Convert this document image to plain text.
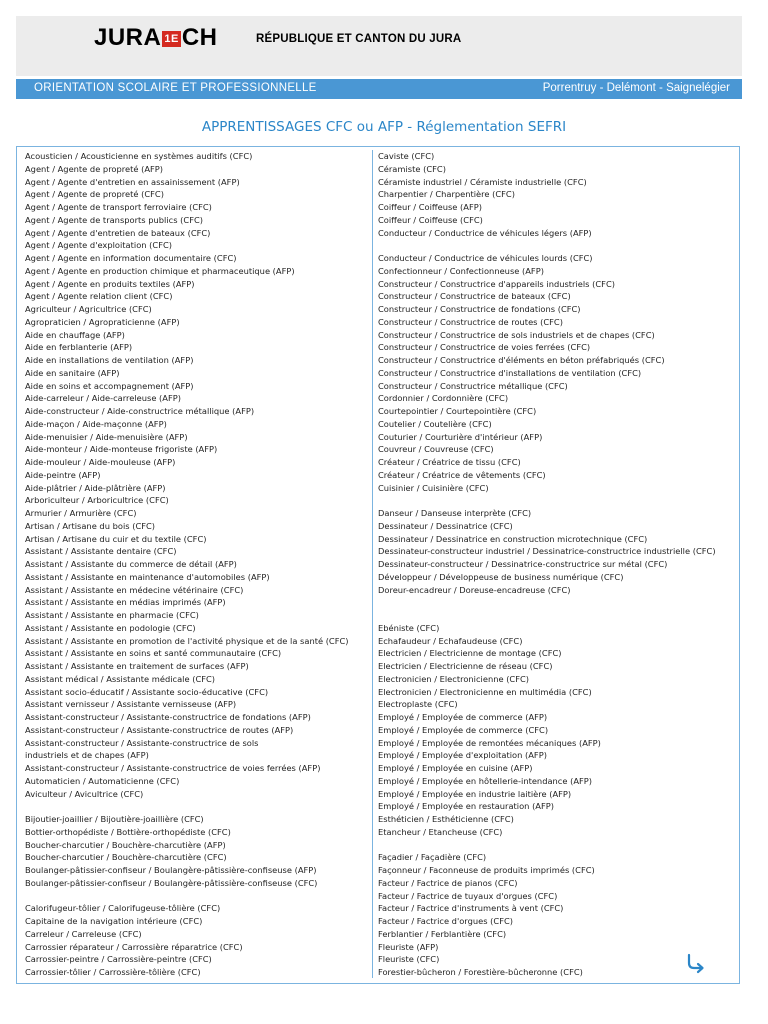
JURA 1E CH	RÉPUBLIQUE ET CANTON DU JURA
ORIENTATION SCOLAIRE ET PROFESSIONNELLE	Porrentruy - Delémont - Saignelégier
APPRENTISSAGES CFC ou AFP - Réglementation SEFRI
Acousticien / Acousticienne en systèmes auditifs (CFC)
Agent / Agente de propreté (AFP)
Agent / Agente d'entretien en assainissement (AFP)
Agent / Agente de propreté (CFC)
Agent / Agente de transport ferroviaire (CFC)
Agent / Agente de transports publics (CFC)
Agent / Agente d'entretien de bateaux (CFC)
Agent / Agente d'exploitation (CFC)
Agent / Agente en information documentaire (CFC)
Agent / Agente en production chimique et pharmaceutique (AFP)
Agent / Agente en produits textiles (AFP)
Agent / Agente relation client (CFC)
Agriculteur / Agricultrice (CFC)
Agropraticien / Agropraticienne (AFP)
Aide en chauffage (AFP)
Aide en ferblanterie (AFP)
Aide en installations de ventilation (AFP)
Aide en sanitaire (AFP)
Aide en soins et accompagnement (AFP)
Aide-carreleur / Aide-carreleuse (AFP)
Aide-constructeur / Aide-constructrice métallique (AFP)
Aide-maçon / Aide-maçonne (AFP)
Aide-menuisier / Aide-menuisière (AFP)
Aide-monteur / Aide-monteuse frigoriste (AFP)
Aide-mouleur / Aide-mouleuse (AFP)
Aide-peintre (AFP)
Aide-plâtrier / Aide-plâtrière (AFP)
Arboriculteur / Arboricultrice (CFC)
Armurier / Armurière (CFC)
Artisan / Artisane du bois (CFC)
Artisan / Artisane du cuir et du textile (CFC)
Assistant / Assistante dentaire (CFC)
Assistant / Assistante du commerce de détail (AFP)
Assistant / Assistante en maintenance d'automobiles (AFP)
Assistant / Assistante en médecine vétérinaire (CFC)
Assistant / Assistante en médias imprimés (AFP)
Assistant / Assistante en pharmacie (CFC)
Assistant / Assistante en podologie (CFC)
Assistant / Assistante en promotion de l'activité physique et de la santé (CFC)
Assistant / Assistante en soins et santé communautaire (CFC)
Assistant / Assistante en traitement de surfaces (AFP)
Assistant médical / Assistante médicale (CFC)
Assistant socio-éducatif / Assistante socio-éducative (CFC)
Assistant vernisseur / Assistante vernisseuse (AFP)
Assistant-constructeur / Assistante-constructrice de fondations (AFP)
Assistant-constructeur / Assistante-constructrice de routes (AFP)
Assistant-constructeur / Assistante-constructrice de sols
industriels et de chapes (AFP)
Assistant-constructeur / Assistante-constructrice de voies ferrées (AFP)
Automaticien / Automaticienne (CFC)
Aviculteur / Avicultrice (CFC)
Bijoutier-joaillier / Bijoutière-joaillière (CFC)
Bottier-orthopédiste / Bottière-orthopédiste (CFC)
Boucher-charcutier / Bouchère-charcutière (AFP)
Boucher-charcutier / Bouchère-charcutière (CFC)
Boulanger-pâtissier-confiseur / Boulangère-pâtissière-confiseuse (AFP)
Boulanger-pâtissier-confiseur / Boulangère-pâtissière-confiseuse (CFC)
Calorifugeur-tôlier / Calorifugeuse-tôlière (CFC)
Capitaine de la navigation intérieure (CFC)
Carreleur / Carreleuse (CFC)
Carrossier réparateur / Carrossière réparatrice (CFC)
Carrossier-peintre / Carrossière-peintre (CFC)
Carrossier-tôlier / Carrossière-tôlière (CFC)
Caviste (CFC)
Céramiste (CFC)
Céramiste industriel / Céramiste industrielle (CFC)
Charpentier / Charpentière (CFC)
Coiffeur / Coiffeuse (AFP)
Coiffeur / Coiffeuse (CFC)
Conducteur / Conductrice de véhicules légers (AFP)
Conducteur / Conductrice de véhicules lourds (CFC)
Confectionneur / Confectionneuse (AFP)
Constructeur / Constructrice d'appareils industriels (CFC)
Constructeur / Constructrice de bateaux (CFC)
Constructeur / Constructrice de fondations (CFC)
Constructeur / Constructrice de routes (CFC)
Constructeur / Constructrice de sols industriels et de chapes (CFC)
Constructeur / Constructrice de voies ferrées (CFC)
Constructeur / Constructrice d'éléments en béton préfabriqués (CFC)
Constructeur / Constructrice d'installations de ventilation (CFC)
Constructeur / Constructrice métallique (CFC)
Cordonnier / Cordonnière (CFC)
Courtepointier / Courtepointière (CFC)
Coutelier / Coutelière (CFC)
Couturier / Courturière d'intérieur (AFP)
Couvreur / Couvreuse (CFC)
Créateur / Créatrice de tissu (CFC)
Créateur / Créatrice de vêtements (CFC)
Cuisinier / Cuisinière (CFC)
Danseur / Danseuse interprète (CFC)
Dessinateur / Dessinatrice (CFC)
Dessinateur / Dessinatrice en construction microtechnique (CFC)
Dessinateur-constructeur industriel / Dessinatrice-constructrice industrielle (CFC)
Dessinateur-constructeur / Dessinatrice-constructrice sur métal (CFC)
Développeur / Développeuse de business numérique (CFC)
Doreur-encadreur / Doreuse-encadreuse (CFC)
Ebéniste (CFC)
Echafaudeur / Echafaudeuse (CFC)
Electricien / Electricienne de montage (CFC)
Electricien / Electricienne de réseau (CFC)
Electronicien / Electronicienne (CFC)
Electronicien / Electronicienne en multimédia (CFC)
Electroplaste (CFC)
Employé / Employée de commerce (AFP)
Employé / Employée de commerce (CFC)
Employé / Employée de remontées mécaniques (AFP)
Employé / Employée d'exploitation (AFP)
Employé / Employée en cuisine (AFP)
Employé / Employée en hôtellerie-intendance (AFP)
Employé / Employée en industrie laitière (AFP)
Employé / Employée en restauration (AFP)
Esthéticien / Esthéticienne (CFC)
Etancheur / Etancheuse (CFC)
Façadier / Façadière (CFC)
Façonneur / Faconneuse de produits imprimés (CFC)
Facteur / Factrice de pianos (CFC)
Facteur / Factrice de tuyaux d'orgues (CFC)
Facteur / Factrice d'instruments à vent (CFC)
Facteur / Factrice d'orgues (CFC)
Ferblantier / Ferblantière (CFC)
Fleuriste (AFP)
Fleuriste (CFC)
Forestier-bûcheron / Forestière-bûcheronne (CFC)
